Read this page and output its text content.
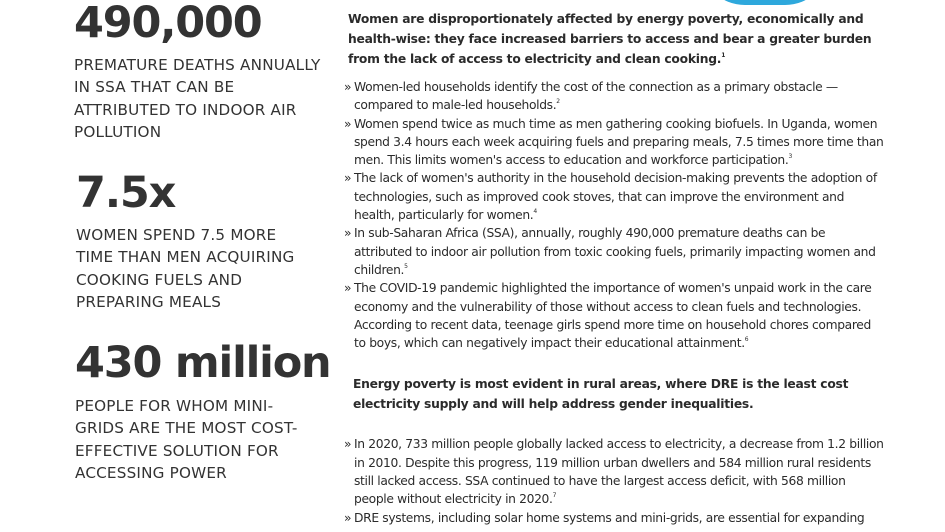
490,000
PREMATURE DEATHS ANNUALLY IN SSA THAT CAN BE ATTRIBUTED TO INDOOR AIR POLLUTION
7.5x
WOMEN SPEND 7.5 MORE TIME THAN MEN ACQUIRING COOKING FUELS AND PREPARING MEALS
430 million
PEOPLE FOR WHOM MINI-GRIDS ARE THE MOST COST-EFFECTIVE SOLUTION FOR ACCESSING POWER

Women are disproportionately affected by energy poverty, economically and health-wise: they face increased barriers to access and bear a greater burden from the lack of access to electricity and clean cooking.$^1$

» Women-led households identify the cost of the connection as a primary obstacle —compared to male-led households.$^2$
» Women spend twice as much time as men gathering cooking biofuels. In Uganda, women spend 3.4 hours each week acquiring fuels and preparing meals, 7.5 times more time than men. This limits women's access to education and workforce participation.$^3$
» The lack of women's authority in the household decision-making prevents the adoption of technologies, such as improved cook stoves, that can improve the environment and health, particularly for women.$^4$
» In sub-Saharan Africa (SSA), annually, roughly 490,000 premature deaths can be attributed to indoor air pollution from toxic cooking fuels, primarily impacting women and children.$^5$
» The COVID-19 pandemic highlighted the importance of women's unpaid work in the care economy and the vulnerability of those without access to clean fuels and technologies.
According to recent data, teenage girls spend more time on household chores compared to boys, which can negatively impact their educational attainment.$^6$

Energy poverty is most evident in rural areas, where DRE is the least cost electricity supply and will help address gender inequalities.

» In 2020, 733 million people globally lacked access to electricity, a decrease from 1.2 billion in 2010. Despite this progress, 119 million urban dwellers and 584 million rural residents still lacked access. SSA continued to have the largest access deficit, with 568 million people without electricity in 2020.$^7$
» DRE systems, including solar home systems and mini-grids, are essential for expanding
